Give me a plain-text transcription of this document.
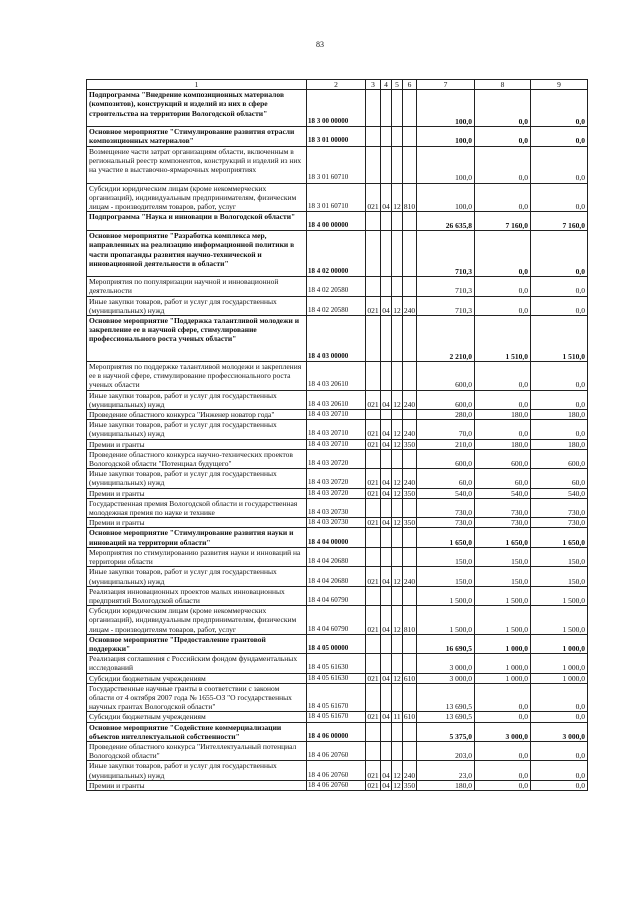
83
1	2	3	4	5	6	7	8	9
Подпрограмма "Внедрение композиционных материалов (композитов), конструкций и изделий из них в сфере строительства на территории Вологодской области"	18 3 00 00000					100,0	0,0	0,0
Основное мероприятие "Стимулирование развития отрасли композиционных материалов"	18 3 01 00000					100,0	0,0	0,0
Возмещение части затрат организациям области, включенным в региональный реестр компонентов, конструкций и изделий из них на участие в выставочно-ярмарочных мероприятиях	18 3 01 60710					100,0	0,0	0,0
Субсидии юридическим лицам (кроме некоммерческих организаций), индивидуальным предпринимателям, физическим лицам - производителям товаров, работ, услуг	18 3 01 60710	021	04	12	810	100,0	0,0	0,0
Подпрограмма "Наука и инновации в Вологодской области"	18 4 00 00000					26 635,8	7 160,0	7 160,0
Основное мероприятие "Разработка комплекса мер, направленных на реализацию информационной политики в части пропаганды развития научно-технической и инновационной деятельности в области"	18 4 02 00000					710,3	0,0	0,0
Мероприятия по популяризации научной и инновационной деятельности	18 4 02 20580					710,3	0,0	0,0
Иные закупки товаров, работ и услуг для государственных (муниципальных) нужд	18 4 02 20580	021	04	12	240	710,3	0,0	0,0
Основное мероприятие "Поддержка талантливой молодежи и закрепление ее в научной сфере, стимулирование профессионального роста ученых области"	18 4 03 00000					2 210,0	1 510,0	1 510,0
Мероприятия по поддержке талантливой молодежи и закрепления ее в научной сфере, стимулирование профессионального роста ученых области	18 4 03 20610					600,0	0,0	0,0
Иные закупки товаров, работ и услуг для государственных (муниципальных) нужд	18 4 03 20610	021	04	12	240	600,0	0,0	0,0
Проведение областного конкурса "Инженер новатор года"	18 4 03 20710					280,0	180,0	180,0
Иные закупки товаров, работ и услуг для государственных (муниципальных) нужд	18 4 03 20710	021	04	12	240	70,0	0,0	0,0
Премии и гранты	18 4 03 20710	021	04	12	350	210,0	180,0	180,0
Проведение областного конкурса научно-технических проектов Вологодской области "Потенциал будущего"	18 4 03 20720					600,0	600,0	600,0
Иные закупки товаров, работ и услуг для государственных (муниципальных) нужд	18 4 03 20720	021	04	12	240	60,0	60,0	60,0
Премии и гранты	18 4 03 20720	021	04	12	350	540,0	540,0	540,0
Государственная премия Вологодской области и государственная молодежная премия по науке и технике	18 4 03 20730					730,0	730,0	730,0
Премии и гранты	18 4 03 20730	021	04	12	350	730,0	730,0	730,0
Основное мероприятие "Стимулирование развития науки и инноваций на территории области"	18 4 04 00000					1 650,0	1 650,0	1 650,0
Мероприятия по стимулированию развития науки и инноваций на территории области	18 4 04 20680					150,0	150,0	150,0
Иные закупки товаров, работ и услуг для государственных (муниципальных) нужд	18 4 04 20680	021	04	12	240	150,0	150,0	150,0
Реализация инновационных проектов малых инновационных предприятий Вологодской области	18 4 04 60790					1 500,0	1 500,0	1 500,0
Субсидии юридическим лицам (кроме некоммерческих организаций), индивидуальным предпринимателям, физическим лицам - производителям товаров, работ, услуг	18 4 04 60790	021	04	12	810	1 500,0	1 500,0	1 500,0
Основное мероприятие "Предоставление грантовой поддержки"	18 4 05 00000					16 690,5	1 000,0	1 000,0
Реализация соглашения с Российским фондом фундаментальных исследований	18 4 05 61630					3 000,0	1 000,0	1 000,0
Субсидии бюджетным учреждениям	18 4 05 61630	021	04	12	610	3 000,0	1 000,0	1 000,0
Государственные научные гранты в соответствии с законом области от 4 октября 2007 года № 1655-ОЗ "О государственных научных грантах Вологодской области"	18 4 05 61670					13 690,5	0,0	0,0
Субсидии бюджетным учреждениям	18 4 05 61670	021	04	11	610	13 690,5	0,0	0,0
Основное мероприятие "Содействие коммерциализации объектов интеллектуальной собственности"	18 4 06 00000					5 375,0	3 000,0	3 000,0
Проведение областного конкурса "Интеллектуальный потенциал Вологодской области"	18 4 06 20760					203,0	0,0	0,0
Иные закупки товаров, работ и услуг для государственных (муниципальных) нужд	18 4 06 20760	021	04	12	240	23,0	0,0	0,0
Премии и гранты	18 4 06 20760	021	04	12	350	180,0	0,0	0,0
